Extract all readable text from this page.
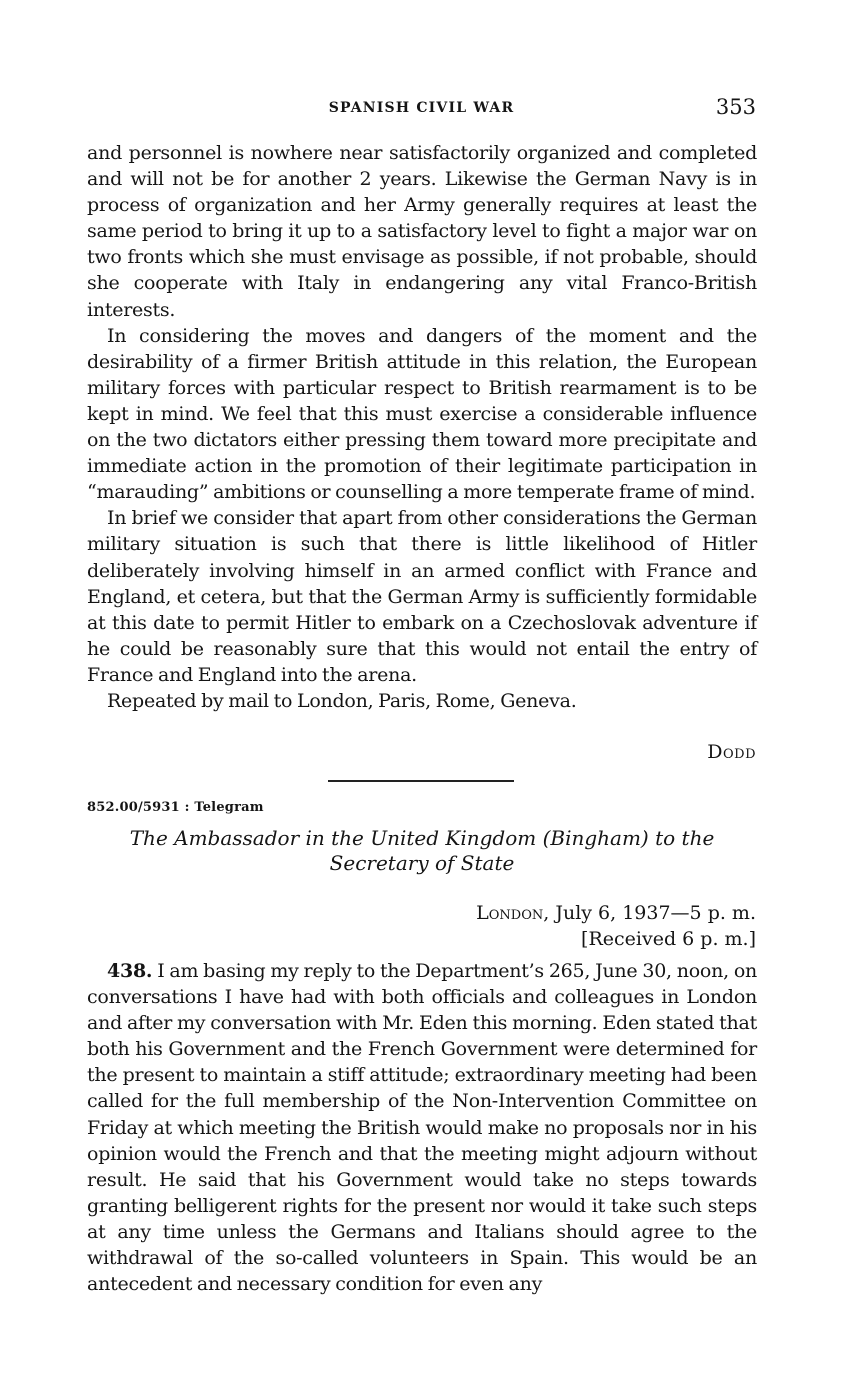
SPANISH CIVIL WAR	353

and personnel is nowhere near satisfactorily organized and completed and will not be for another 2 years. Likewise the German Navy is in process of organization and her Army generally requires at least the same period to bring it up to a satisfactory level to fight a major war on two fronts which she must envisage as possible, if not probable, should she cooperate with Italy in endangering any vital Franco-British interests.

In considering the moves and dangers of the moment and the desirability of a firmer British attitude in this relation, the European military forces with particular respect to British rearmament is to be kept in mind. We feel that this must exercise a considerable influence on the two dictators either pressing them toward more precipitate and immediate action in the promotion of their legitimate participation in “marauding” ambitions or counselling a more temperate frame of mind.

In brief we consider that apart from other considerations the German military situation is such that there is little likelihood of Hitler deliberately involving himself in an armed conflict with France and England, et cetera, but that the German Army is sufficiently formidable at this date to permit Hitler to embark on a Czechoslovak adventure if he could be reasonably sure that this would not entail the entry of France and England into the arena.

Repeated by mail to London, Paris, Rome, Geneva.

Dodd
852.00/5931 : Telegram
The Ambassador in the United Kingdom (Bingham) to the Secretary of State
London, July 6, 1937—5 p. m.
[Received 6 p. m.]

438. I am basing my reply to the Department’s 265, June 30, noon, on conversations I have had with both officials and colleagues in London and after my conversation with Mr. Eden this morning. Eden stated that both his Government and the French Government were determined for the present to maintain a stiff attitude; extraordinary meeting had been called for the full membership of the Non-Intervention Committee on Friday at which meeting the British would make no proposals nor in his opinion would the French and that the meeting might adjourn without result. He said that his Government would take no steps towards granting belligerent rights for the present nor would it take such steps at any time unless the Germans and Italians should agree to the withdrawal of the so-called volunteers in Spain. This would be an antecedent and necessary condition for even any
